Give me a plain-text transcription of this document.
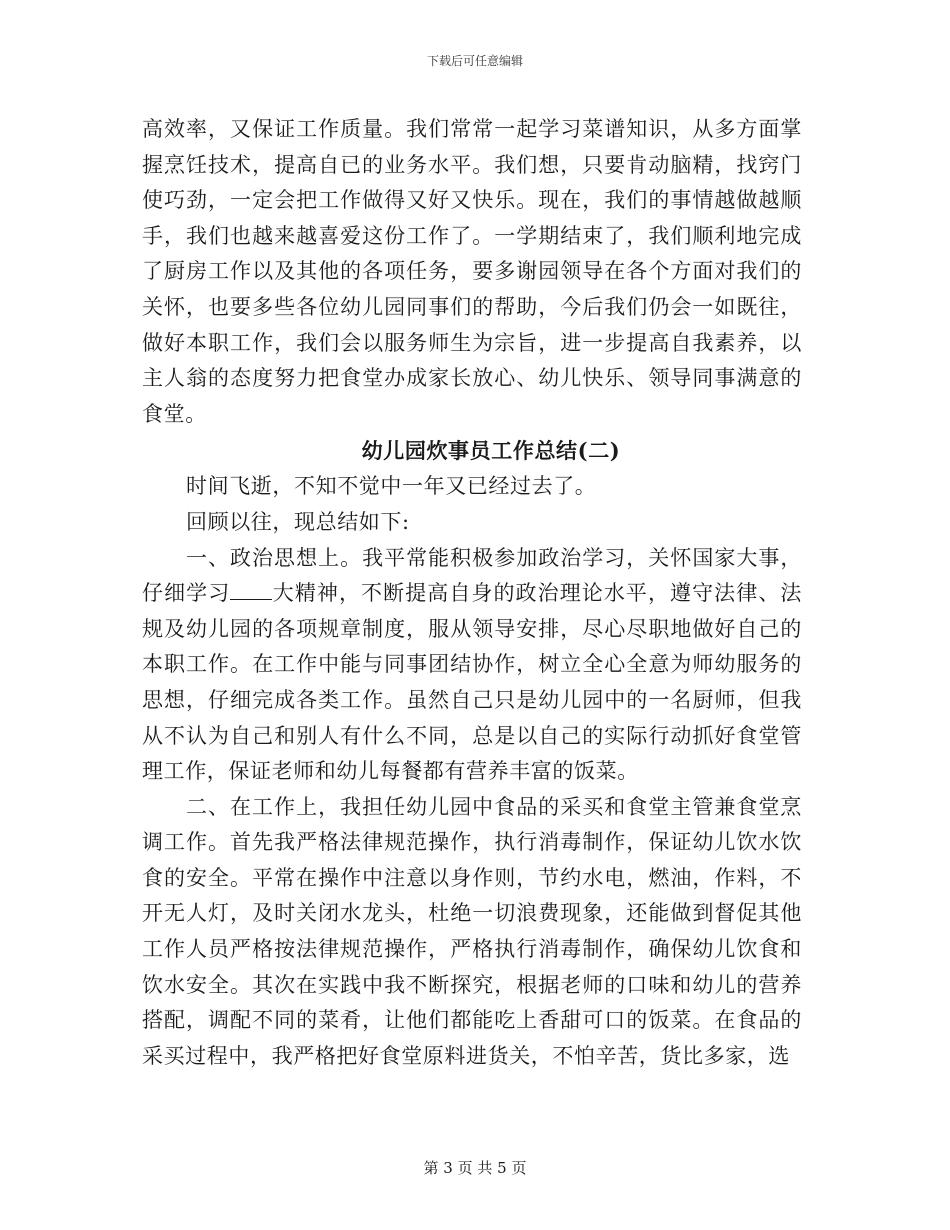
下载后可任意编辑

高效率，又保证工作质量。我们常常一起学习菜谱知识，从多方面掌握烹饪技术，提高自已的业务水平。我们想，只要肯动脑精，找窍门使巧劲，一定会把工作做得又好又快乐。现在，我们的事情越做越顺手，我们也越来越喜爱这份工作了。一学期结束了，我们顺利地完成了厨房工作以及其他的各项任务，要多谢园领导在各个方面对我们的关怀，也要多些各位幼儿园同事们的帮助，今后我们仍会一如既往，做好本职工作，我们会以服务师生为宗旨，进一步提高自我素养，以主人翁的态度努力把食堂办成家长放心、幼儿快乐、领导同事满意的食堂。

幼儿园炊事员工作总结(二)

时间飞逝，不知不觉中一年又已经过去了。

回顾以往，现总结如下:

一、政治思想上。我平常能积极参加政治学习，关怀国家大事，仔细学习 大精神，不断提高自身的政治理论水平，遵守法律、法规及幼儿园的各项规章制度，服从领导安排，尽心尽职地做好自己的本职工作。在工作中能与同事团结协作，树立全心全意为师幼服务的思想，仔细完成各类工作。虽然自己只是幼儿园中的一名厨师，但我从不认为自己和别人有什么不同，总是以自己的实际行动抓好食堂管理工作，保证老师和幼儿每餐都有营养丰富的饭菜。

二、在工作上，我担任幼儿园中食品的采买和食堂主管兼食堂烹调工作。首先我严格法律规范操作，执行消毒制作，保证幼儿饮水饮食的安全。平常在操作中注意以身作则，节约水电，燃油，作料，不开无人灯，及时关闭水龙头，杜绝一切浪费现象，还能做到督促其他工作人员严格按法律规范操作，严格执行消毒制作，确保幼儿饮食和饮水安全。其次在实践中我不断探究，根据老师的口味和幼儿的营养搭配，调配不同的菜肴，让他们都能吃上香甜可口的饭菜。在食品的采买过程中，我严格把好食堂原料进货关，不怕辛苦，货比多家，选

第 3 页 共 5 页
